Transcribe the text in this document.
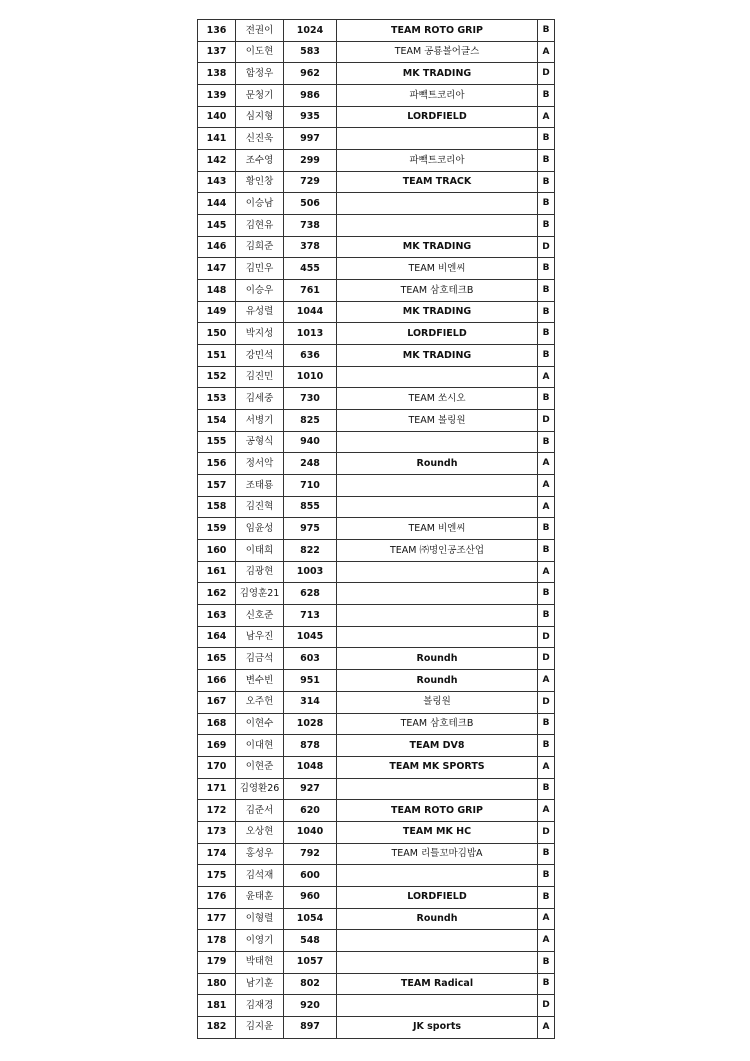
136	전권이	1024	TEAM ROTO GRIP	B
137	이도현	583	TEAM 공룡볼어글스	A
138	함정우	962	MK TRADING	D
139	문청기	986	파빽트코리아	B
140	심지형	935	LORDFIELD	A
141	신진욱	997		B
142	조수영	299	파빽트코리아	B
143	황인창	729	TEAM TRACK	B
144	이승남	506		B
145	김현유	738		B
146	김희준	378	MK TRADING	D
147	김민우	455	TEAM 비엔씨	B
148	이승우	761	TEAM 삼호테크B	B
149	유성렬	1044	MK TRADING	B
150	박지성	1013	LORDFIELD	B
151	강민석	636	MK TRADING	B
152	김진민	1010		A
153	김세중	730	TEAM 쏘시오	B
154	서병기	825	TEAM 볼링원	D
155	공형식	940		B
156	정서악	248	Roundh	A
157	조태룡	710		A
158	김진혁	855		A
159	임윤성	975	TEAM 비엔씨	B
160	이태희	822	TEAM ㈜명인공조산업	B
161	김광현	1003		A
162	김영훈21	628		B
163	신호준	713		B
164	남우진	1045		D
165	김금석	603	Roundh	D
166	변수빈	951	Roundh	A
167	오주헌	314	볼링원	D
168	이현수	1028	TEAM 삼호테크B	B
169	이대현	878	TEAM DV8	B
170	이현준	1048	TEAM MK SPORTS	A
171	김영환26	927		B
172	김준서	620	TEAM ROTO GRIP	A
173	오상현	1040	TEAM MK HC	D
174	홍성우	792	TEAM 리틀꼬마김밥A	B
175	김석재	600		B
176	윤태훈	960	LORDFIELD	B
177	이형렬	1054	Roundh	A
178	이영기	548		A
179	박태현	1057		B
180	남기훈	802	TEAM Radical	B
181	김재경	920		D
182	김지윤	897	JK sports	A
